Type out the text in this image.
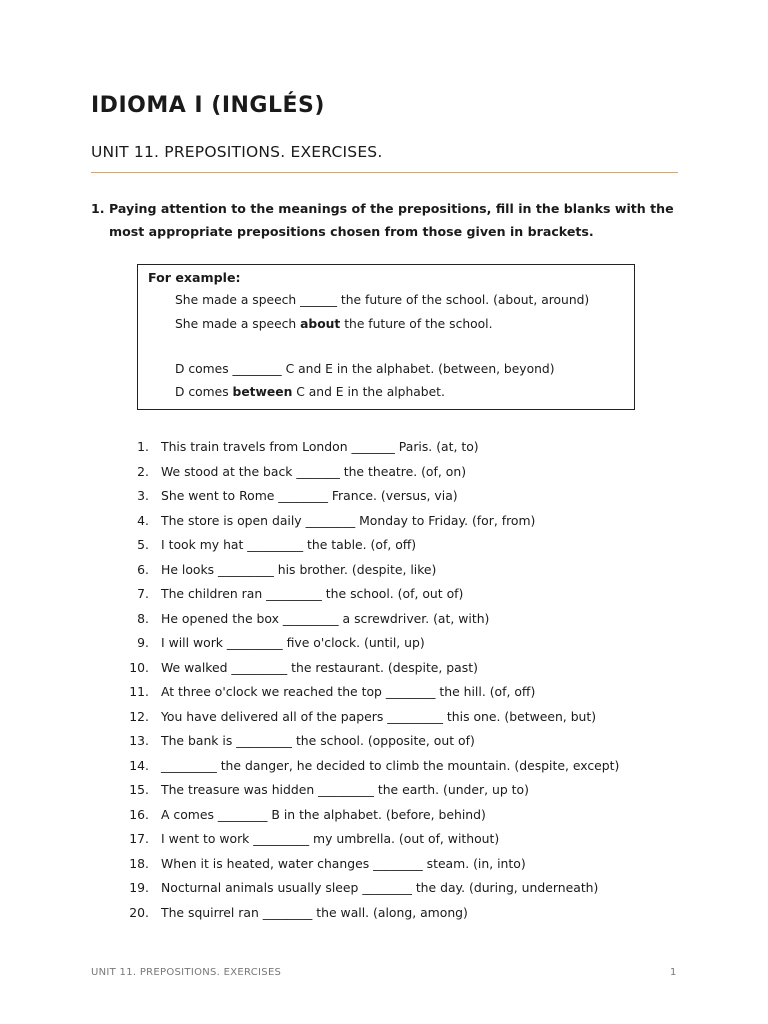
IDIOMA I (INGLÉS)
UNIT 11. PREPOSITIONS. EXERCISES.
1. Paying attention to the meanings of the prepositions, fill in the blanks with the most appropriate prepositions chosen from those given in brackets.
For example:
She made a speech ______ the future of the school. (about, around)
She made a speech about the future of the school.
D comes ________ C and E in the alphabet. (between, beyond)
D comes between C and E in the alphabet.
1. This train travels from London _______ Paris. (at, to)
2. We stood at the back _______ the theatre. (of, on)
3. She went to Rome ________ France. (versus, via)
4. The store is open daily ________ Monday to Friday. (for, from)
5. I took my hat _________ the table. (of, off)
6. He looks _________ his brother. (despite, like)
7. The children ran _________ the school. (of, out of)
8. He opened the box _________ a screwdriver. (at, with)
9. I will work _________ five o'clock. (until, up)
10. We walked _________ the restaurant. (despite, past)
11. At three o'clock we reached the top ________ the hill. (of, off)
12. You have delivered all of the papers _________ this one. (between, but)
13. The bank is _________ the school. (opposite, out of)
14. _________ the danger, he decided to climb the mountain. (despite, except)
15. The treasure was hidden _________ the earth. (under, up to)
16. A comes ________ B in the alphabet. (before, behind)
17. I went to work _________ my umbrella. (out of, without)
18. When it is heated, water changes ________ steam. (in, into)
19. Nocturnal animals usually sleep ________ the day. (during, underneath)
20. The squirrel ran ________ the wall. (along, among)
UNIT 11. PREPOSITIONS. EXERCISES	1
